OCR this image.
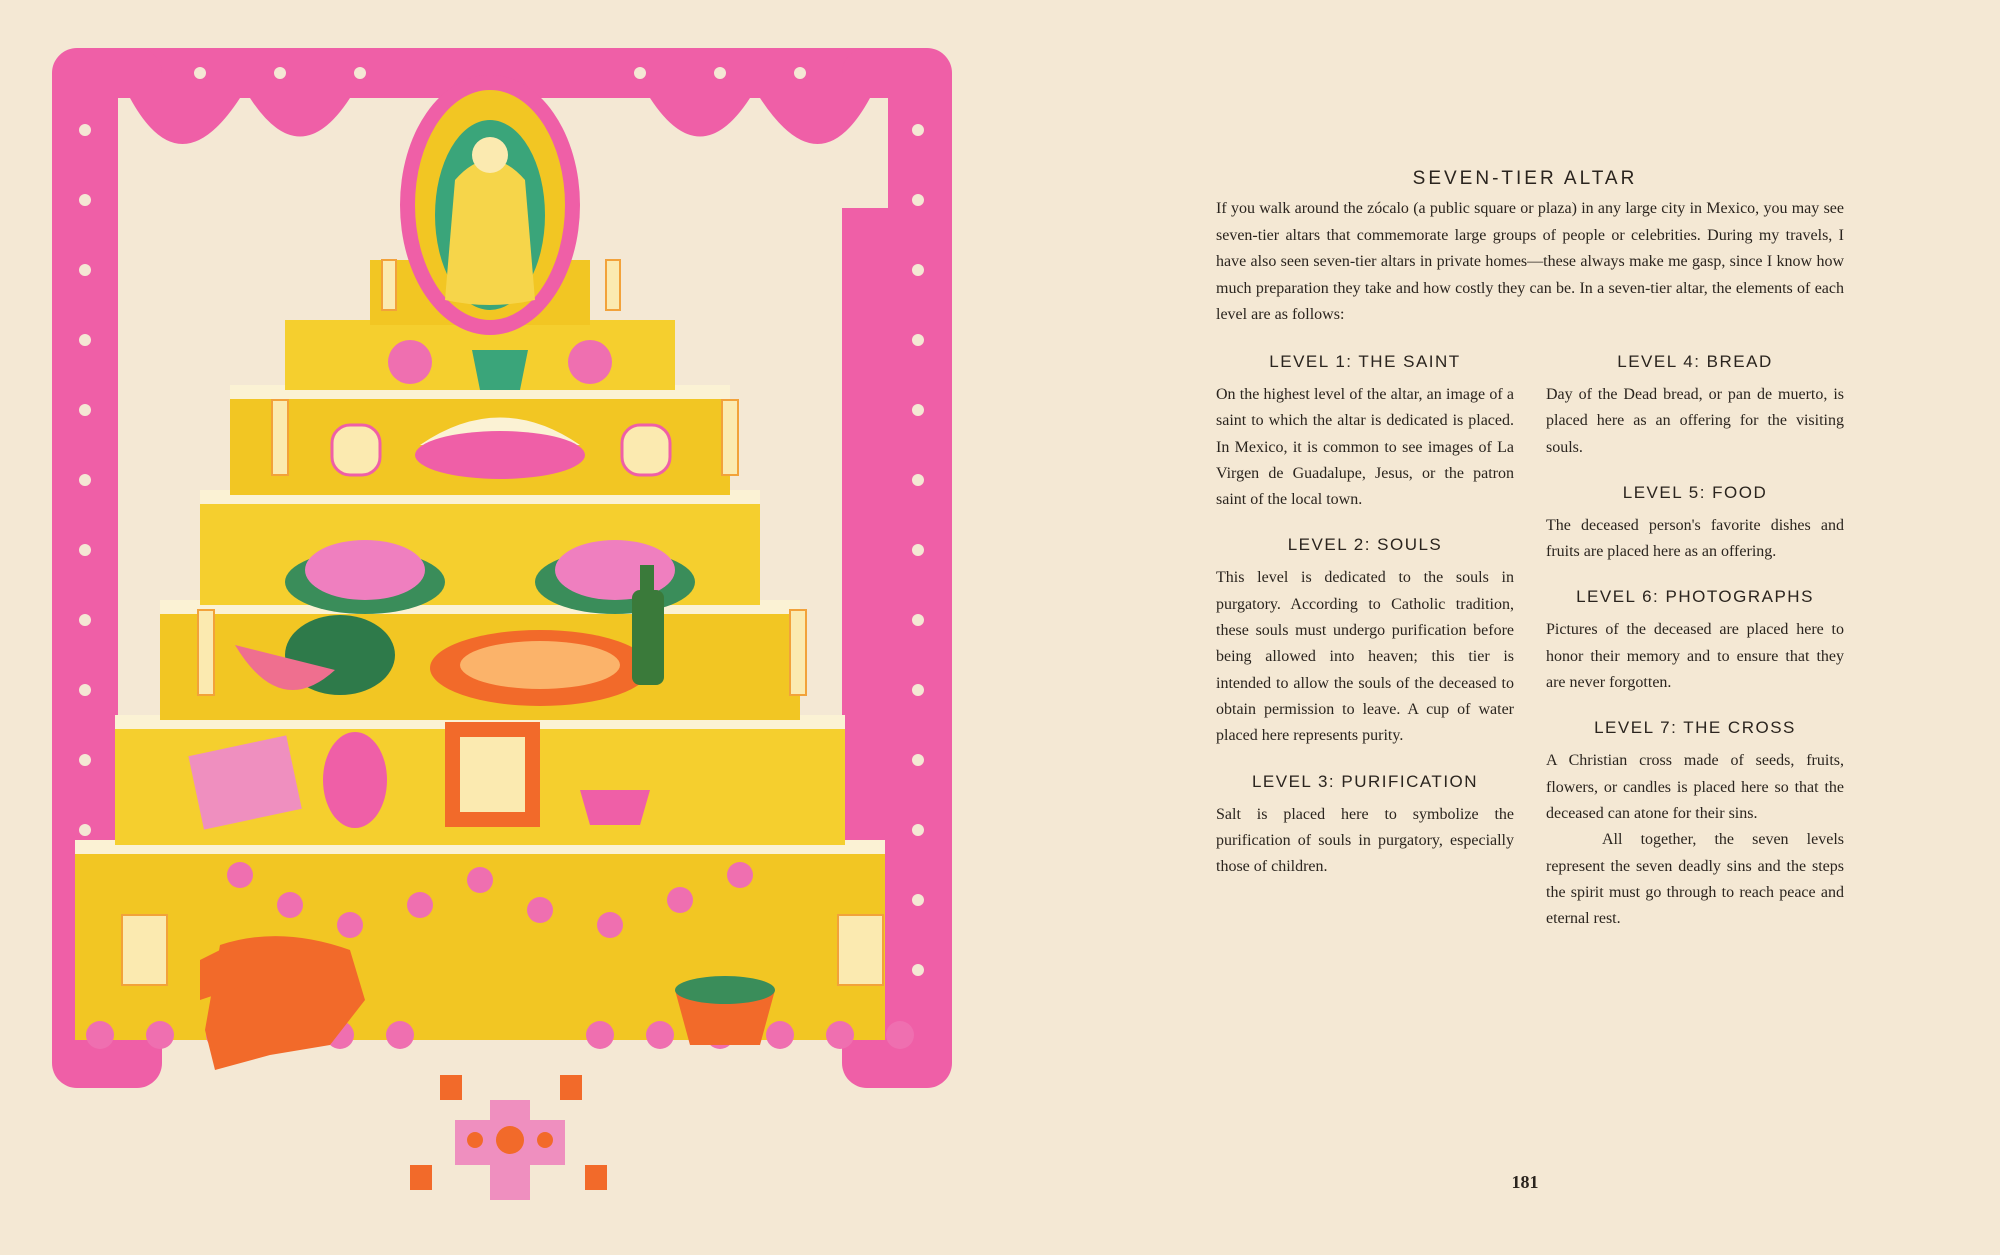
SEVEN-TIER ALTAR

If you walk around the zócalo (a public square or plaza) in any large city in Mexico, you may see seven-tier altars that commemorate large groups of people or celebrities. During my travels, I have also seen seven-tier altars in private homes—these always make me gasp, since I know how much preparation they take and how costly they can be. In a seven-tier altar, the elements of each level are as follows:

LEVEL 1: THE SAINT

On the highest level of the altar, an image of a saint to which the altar is dedicated is placed. In Mexico, it is common to see images of La Virgen de Guadalupe, Jesus, or the patron saint of the local town.

LEVEL 2: SOULS

This level is dedicated to the souls in purgatory. According to Catholic tradition, these souls must undergo purification before being allowed into heaven; this tier is intended to allow the souls of the deceased to obtain permission to leave. A cup of water placed here represents purity.

LEVEL 3: PURIFICATION

Salt is placed here to symbolize the purification of souls in purgatory, especially those of children.

LEVEL 4: BREAD

Day of the Dead bread, or pan de muerto, is placed here as an offering for the visiting souls.

LEVEL 5: FOOD

The deceased person's favorite dishes and fruits are placed here as an offering.

LEVEL 6: PHOTOGRAPHS

Pictures of the deceased are placed here to honor their memory and to ensure that they are never forgotten.

LEVEL 7: THE CROSS

A Christian cross made of seeds, fruits, flowers, or candles is placed here so that the deceased can atone for their sins.

All together, the seven levels represent the seven deadly sins and the steps the spirit must go through to reach peace and eternal rest.

181
